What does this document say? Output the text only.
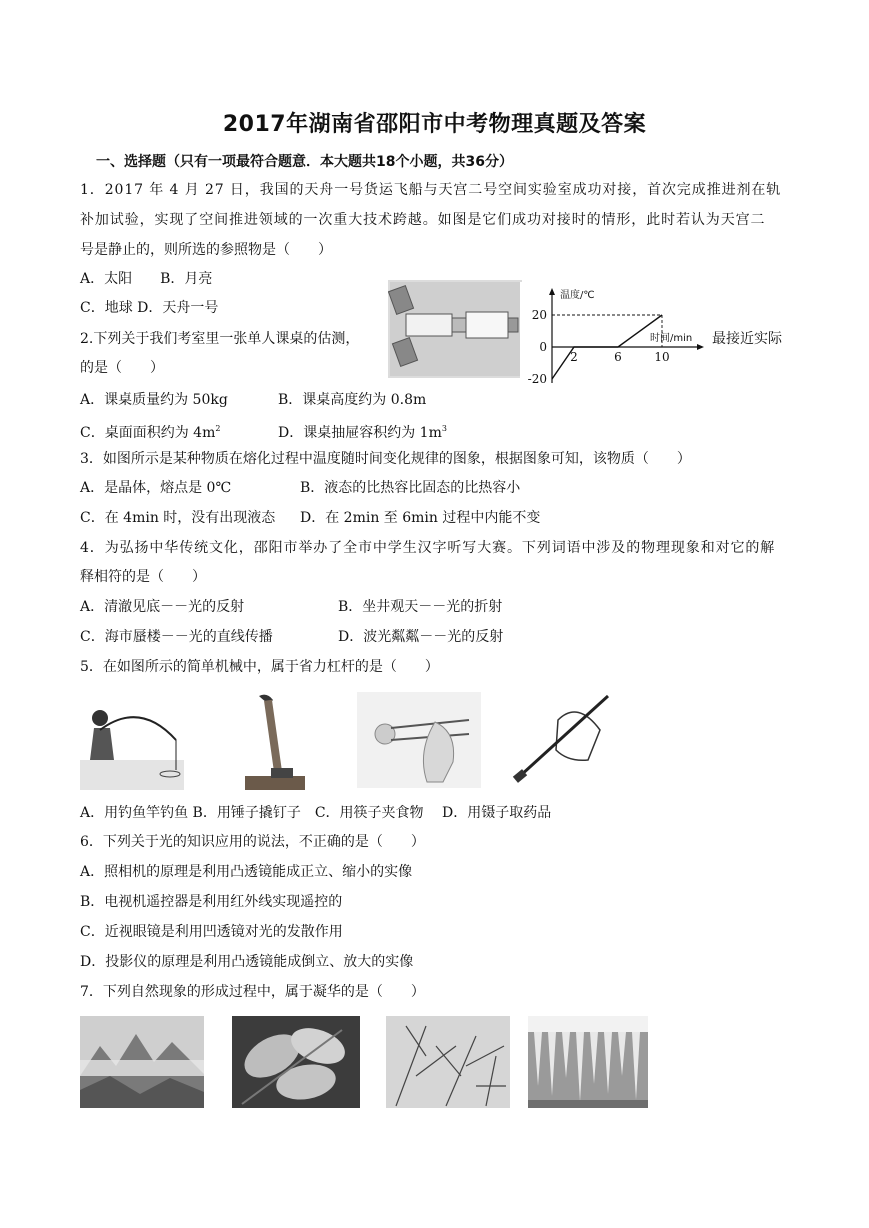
2017年湖南省邵阳市中考物理真题及答案
一、选择题（只有一项最符合题意．本大题共18个小题，共36分）
1．2017 年 4 月 27 日，我国的天舟一号货运飞船与天宫二号空间实验室成功对接，首次完成推进剂在轨
补加试验，实现了空间推进领域的一次重大技术跨越。如图是它们成功对接时的情形，此时若认为天宫二
号是静止的，则所选的参照物是（　　）
A．太阳　　B．月亮
C．地球 D．天舟一号
温度/℃
时间/min
20
0
-20
2	6	10
2.下列关于我们考室里一张单人课桌的估测，	最接近实际
的是（　　）
A．课桌质量约为 50kg	B．课桌高度约为 0.8m
C．桌面面积约为 $4m^2$	D．课桌抽屉容积约为 $1m^3$
3．如图所示是某种物质在熔化过程中温度随时间变化规律的图象，根据图象可知，该物质（　　）
A．是晶体，熔点是 0℃	B．液态的比热容比固态的比热容小
C．在 4min 时，没有出现液态 D．在 2min 至 6min 过程中内能不变
4．为弘扬中华传统文化，邵阳市举办了全市中学生汉字听写大赛。下列词语中涉及的物理现象和对它的解
释相符的是（　　）
A．清澈见底－－光的反射	B．坐井观天－－光的折射
C．海市蜃楼－－光的直线传播	D．波光粼粼－－光的反射
5．在如图所示的简单机械中，属于省力杠杆的是（　　）
A．用钓鱼竿钓鱼 B．用锤子撬钉子　C．用筷子夹食物　 D．用镊子取药品
6．下列关于光的知识应用的说法，不正确的是（　　）
A．照相机的原理是利用凸透镜能成正立、缩小的实像
B．电视机遥控器是利用红外线实现遥控的
C．近视眼镜是利用凹透镜对光的发散作用
D．投影仪的原理是利用凸透镜能成倒立、放大的实像
7．下列自然现象的形成过程中，属于凝华的是（　　）
